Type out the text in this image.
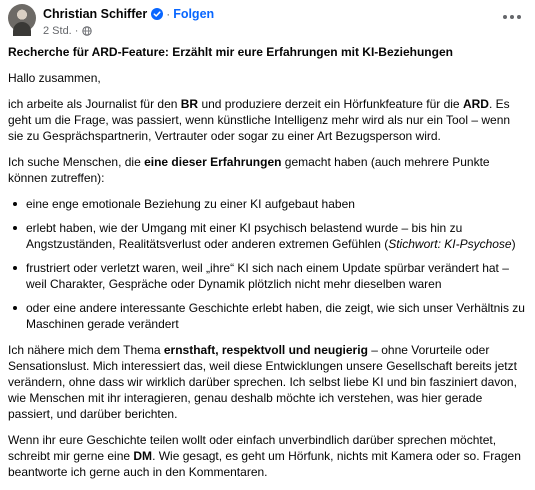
Christian Schiffer · Folgen
2 Std. ·

Recherche für ARD-Feature: Erzählt mir eure Erfahrungen mit KI-Beziehungen

Hallo zusammen,

ich arbeite als Journalist für den BR und produziere derzeit ein Hörfunkfeature für die ARD. Es geht um die Frage, was passiert, wenn künstliche Intelligenz mehr wird als nur ein Tool – wenn sie zu Gesprächspartnerin, Vertrauter oder sogar zu einer Art Bezugsperson wird.

Ich suche Menschen, die eine dieser Erfahrungen gemacht haben (auch mehrere Punkte können zutreffen):

eine enge emotionale Beziehung zu einer KI aufgebaut haben
erlebt haben, wie der Umgang mit einer KI psychisch belastend wurde – bis hin zu Angstzuständen, Realitätsverlust oder anderen extremen Gefühlen (Stichwort: KI-Psychose)
frustriert oder verletzt waren, weil „ihre“ KI sich nach einem Update spürbar verändert hat – weil Charakter, Gespräche oder Dynamik plötzlich nicht mehr dieselben waren
oder eine andere interessante Geschichte erlebt haben, die zeigt, wie sich unser Verhältnis zu Maschinen gerade verändert

Ich nähere mich dem Thema ernsthaft, respektvoll und neugierig – ohne Vorurteile oder Sensationslust. Mich interessiert das, weil diese Entwicklungen unsere Gesellschaft bereits jetzt verändern, ohne dass wir wirklich darüber sprechen. Ich selbst liebe KI und bin fasziniert davon, wie Menschen mit ihr interagieren, genau deshalb möchte ich verstehen, was hier gerade passiert, und darüber berichten.

Wenn ihr eure Geschichte teilen wollt oder einfach unverbindlich darüber sprechen möchtet, schreibt mir gerne eine DM. Wie gesagt, es geht um Hörfunk, nichts mit Kamera oder so. Fragen beantworte ich gerne auch in den Kommentaren.
